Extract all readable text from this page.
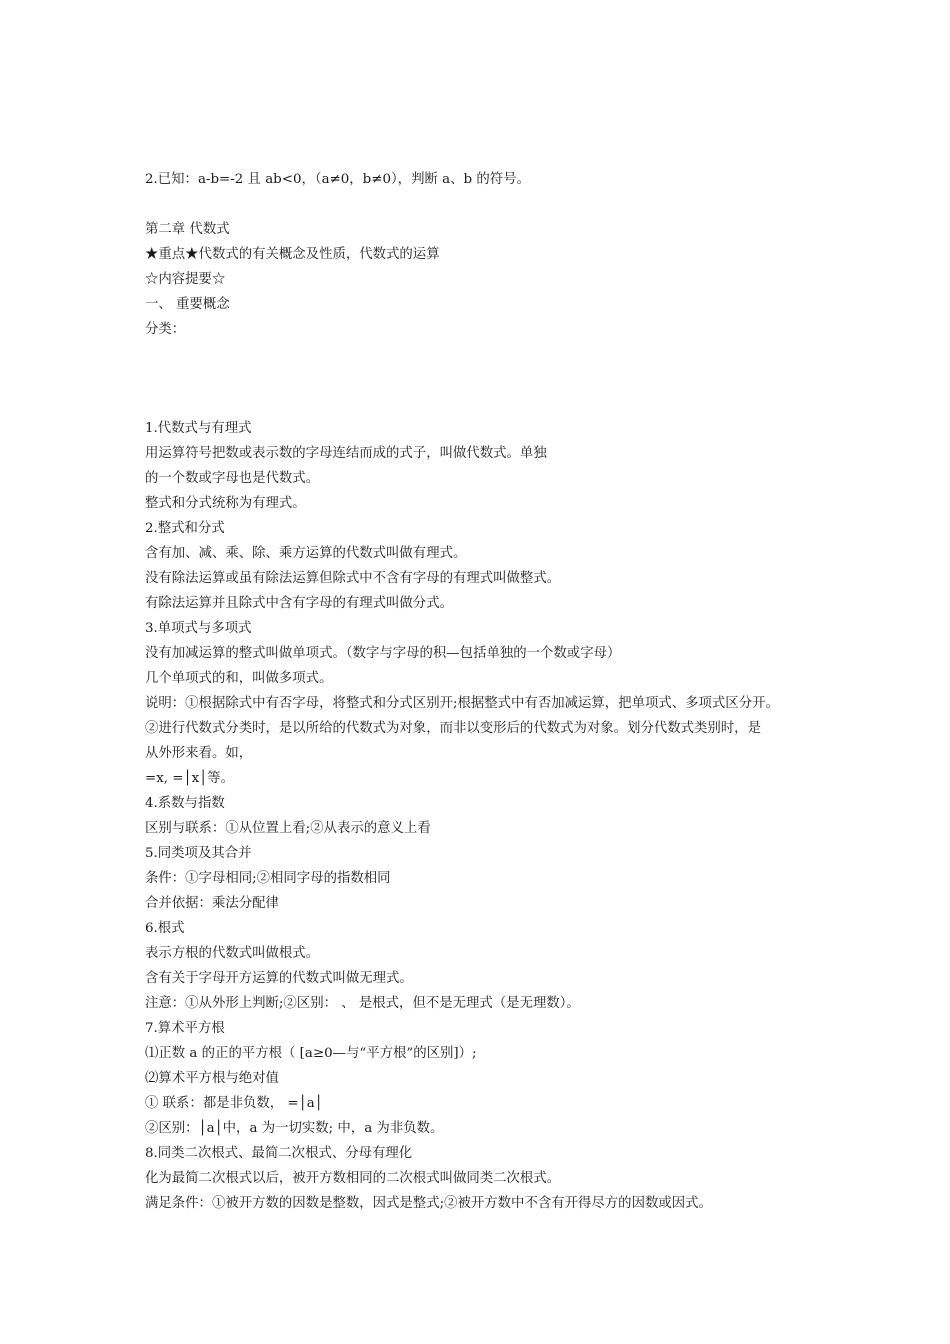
2.已知：a-b=-2 且 ab<0，（a≠0，b≠0），判断 a、b 的符号。

第二章 代数式

★重点★代数式的有关概念及性质，代数式的运算

☆内容提要☆

一、 重要概念

分类：

1.代数式与有理式

用运算符号把数或表示数的字母连结而成的式子，叫做代数式。单独

的一个数或字母也是代数式。

整式和分式统称为有理式。

2.整式和分式

含有加、减、乘、除、乘方运算的代数式叫做有理式。

没有除法运算或虽有除法运算但除式中不含有字母的有理式叫做整式。

有除法运算并且除式中含有字母的有理式叫做分式。

3.单项式与多项式

没有加减运算的整式叫做单项式。（数字与字母的积—包括单独的一个数或字母）

几个单项式的和，叫做多项式。

说明：①根据除式中有否字母，将整式和分式区别开;根据整式中有否加减运算，把单项式、多项式区分开。

②进行代数式分类时，是以所给的代数式为对象，而非以变形后的代数式为对象。划分代数式类别时，是

从外形来看。如，

=x, =│x│等。

4.系数与指数

区别与联系：①从位置上看;②从表示的意义上看

5.同类项及其合并

条件：①字母相同;②相同字母的指数相同

合并依据：乘法分配律

6.根式

表示方根的代数式叫做根式。

含有关于字母开方运算的代数式叫做无理式。

注意：①从外形上判断;②区别： 、 是根式，但不是无理式（是无理数）。

7.算术平方根

⑴正数 a 的正的平方根（ [a≥0—与“平方根”的区别]）;

⑵算术平方根与绝对值

① 联系：都是非负数， =│a│

②区别：│a│中，a 为一切实数; 中，a 为非负数。

8.同类二次根式、最简二次根式、分母有理化

化为最简二次根式以后，被开方数相同的二次根式叫做同类二次根式。

满足条件：①被开方数的因数是整数，因式是整式;②被开方数中不含有开得尽方的因数或因式。
